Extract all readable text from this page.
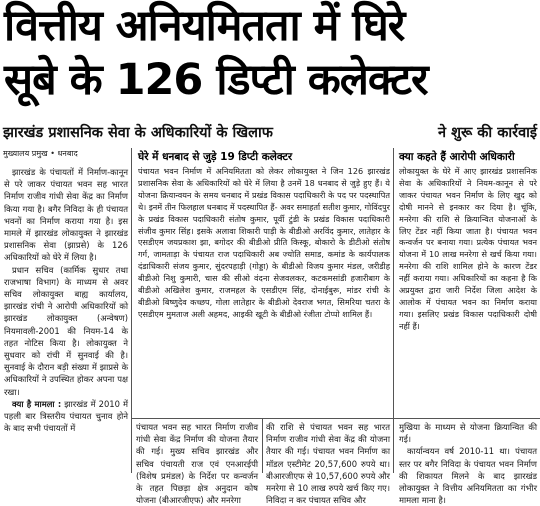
वित्तीय अनियमितता में घिरे
सूबे के 126 डिप्टी कलेक्टर
झारखंड प्रशासनिक सेवा के अधिकारियों के खिलाफ	ने शुरू की कार्रवाई
मुख्यालय प्रमुख • धनबाद

झारखंड के पंचायतों में निर्माण-कानून से परे जाकर पंचायत भवन सह भारत निर्माण राजीव गांधी सेवा केंद्र का निर्माण किया गया है। बगैर निविदा के ही पंचायत भवनों का निर्माण कराया गया है। इस मामले में झारखंड लोकायुक्त ने झारखंड प्रशासनिक सेवा (झाप्रसे) के 126 अधिकारियों को घेरे में लिया है।

प्रधान सचिव (कार्मिक सुधार तथा राजभाषा विभाग) के माध्यम से अवर सचिव लोकायुक्त बाह्य कार्यालय, झारखंड रांची ने आरोपी अधिकारियों को झारखंड लोकायुक्त (अन्वेषण) नियमावली-2001 की नियम-14 के तहत नोटिस किया है। लोकायुक्त ने सुधवार को रांची में सुनवाई की है। सुनवाई के दौरान बड़ी संख्या में झाप्रसे के अधिकारियों ने उपस्थित होकर अपना पक्ष रखा।

क्या है मामला : झारखंड में 2010 में पहली बार त्रिस्तरीय पंचायत चुनाव होने के बाद सभी पंचायतों में

घेरे में धनबाद से जुड़े 19 डिप्टी कलेक्टर
पंचायत भवन निर्माण में अनियमितता को लेकर लोकायुक्त ने जिन 126 झारखंड प्रशासनिक सेवा के अधिकारियों को घेरे में लिया है उनमें 18 धनबाद से जुड़े हुए हैं। ये योजना क्रियान्वयन के समय धनबाद में प्रखंड विकास पदाधिकारी के पद पर पदस्थापित थे। इनमें तीन फिलहाल धनबाद में पदस्थापित हैं- अवर समाहर्ता सतीश कुमार, गोविंदपुर के प्रखंड विकास पदाधिकारी संतोष कुमार, पूर्वी टुंडी के प्रखंड विकास पदाधिकारी संजीव कुमार सिंह। इसके अलावा शिकारी पाड़ी के बीडीओ अरविंद कुमार, लातेहार के एसडीएम जयप्रकाश झा, बगोदर की बीडीओ प्रीति किस्कू, बोकारो के डीटीओ संतोष गर्ग, जामताड़ा के पंचायत राज पदाधिकारी अब ज्योति समाड, कमांड के कार्यपालक दंडाधिकारी संजय कुमार, सुंदरपहाड़ी (गोड्डा) के बीडीओ विजय कुमार मंडल, जरीडीह बीडीओ निशु कुमारी, चास की सीओ वंदना सेजवलकर, कटकमसांडी हजारीबाग के बीडीओ अखिलेश कुमार, राजमहल के एसडीएम सिंह, दोनाईबुरू, मांडर रांची के बीडीओ बिष्णुदेव कच्छप, गोला लातेहार के बीडीओ देवराज भगत, सिमरिया चतरा के एसडीएम मुमताज अली अहमद, आइकी खूटी के बीडीओ रंजीता टोप्पो शामिल हैं।
क्या कहते हैं आरोपी अधिकारी
लोकायुक्त के घेरे में आए झारखंड प्रशासनिक सेवा के अधिकारियों ने नियम-कानून से परे जाकर पंचायत भवन निर्माण के लिए खुद को दोषी मानने से इनकार कर दिया है। चूंकि, मनरेगा की राशि से क्रियान्वित योजनाओं के लिए टेंडर नहीं किया जाता है। पंचायत भवन कन्वर्जन पर बनाया गया। प्रत्येक पंचायत भवन योजना में 10 लाख मनरेगा से खर्च किया गया। मनरेगा की राशि शामिल होने के कारण टेंडर नहीं कराया गया। अधिकारियों का कहना है कि अप्रयुक्त द्वारा जारी निर्देश जिला आदेश के आलोक में पंचायत भवन का निर्माण कराया गया। इसलिए प्रखंड विकास पदाधिकारी दोषी नहीं हैं।
पंचायत भवन सह भारत निर्माण राजीव गांधी सेवा केंद्र निर्माण की योजना तैयार की गई। मुख्य सचिव झारखंड और सचिव पंचायती राज एवं एनआरईपी (विशेष प्रमंडल) के निर्देश पर कन्वर्जन के तहत पिछड़ा क्षेत्र अनुदान कोष योजना (बीआरजीएफ) और मनरेगा
की राशि से पंचायत भवन सह भारत निर्माण राजीव गांधी सेवा केंद्र की योजना तैयार की गई। पंचायत भवन निर्माण का मॉडल एस्टीमेट 20,57,600 रुपये था। बीआरजीएफ से 10,57,600 रुपये और मनरेगा से 10 लाख रुपये खर्च किए गए। निविदा न कर पंचायत सचिव और

मुखिया के माध्यम से योजना क्रियान्वित की गई।

कार्यान्वयन वर्ष 2010-11 था। पंचायत स्तर पर बगैर निविदा के पंचायत भवन निर्माण की शिकायत मिलने के बाद झारखंड लोकायुक्त ने वित्तीय अनियमितता का गंभीर मामला माना है।
